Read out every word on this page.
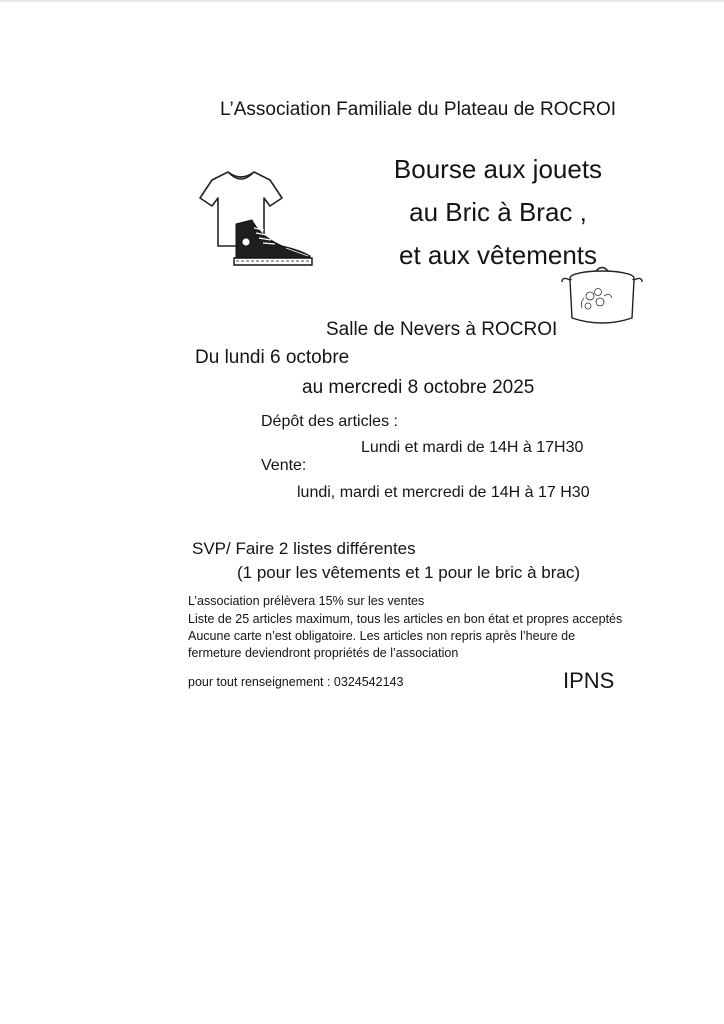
L’Association Familiale du Plateau de ROCROI
Bourse aux jouets
au Bric à Brac ,
et aux vêtements
Salle de Nevers à ROCROI
Du lundi 6 octobre
au mercredi 8 octobre 2025
Dépôt des articles :
Lundi et mardi de 14H à 17H30
Vente:
lundi, mardi et mercredi de 14H à 17 H30
SVP/ Faire 2 listes différentes
(1 pour les vêtements et 1 pour le bric à brac)
L’association prélèvera 15% sur les ventes
Liste de 25 articles maximum, tous les articles en bon état et propres acceptés
Aucune carte n’est obligatoire. Les articles non repris après l’heure de
fermeture deviendront propriétés de l’association
pour tout renseignement : 0324542143	IPNS
